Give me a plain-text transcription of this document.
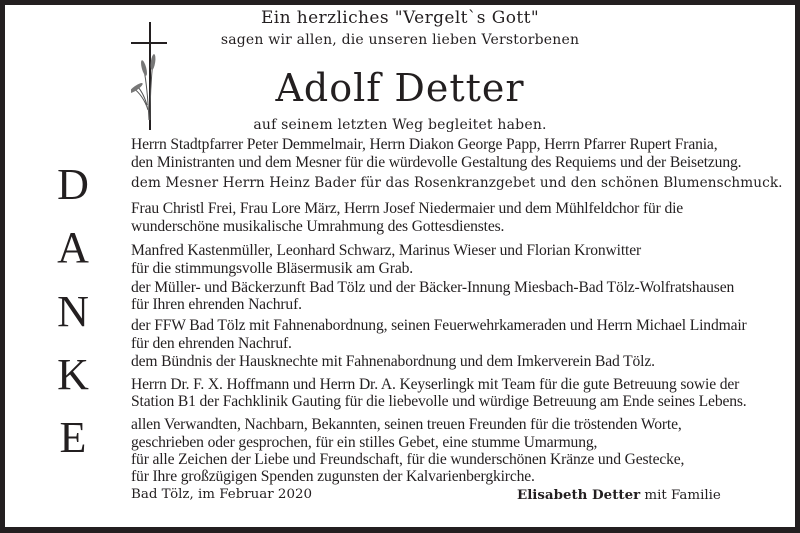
Ein herzliches "Vergelt`s Gott"
sagen wir allen, die unseren lieben Verstorbenen
Adolf Detter
auf seinem letzten Weg begleitet haben.
D
A
N
K
E
Herrn Stadtpfarrer Peter Demmelmair, Herrn Diakon George Papp, Herrn Pfarrer Rupert Frania,
den Ministranten und dem Mesner für die würdevolle Gestaltung des Requiems und der Beisetzung.
dem Mesner Herrn Heinz Bader für das Rosenkranzgebet und den schönen Blumenschmuck.
Frau Christl Frei, Frau Lore März, Herrn Josef Niedermaier und dem Mühlfeldchor für die
wunderschöne musikalische Umrahmung des Gottesdienstes.
Manfred Kastenmüller, Leonhard Schwarz, Marinus Wieser und Florian Kronwitter
für die stimmungsvolle Bläsermusik am Grab.
der Müller- und Bäckerzunft Bad Tölz und der Bäcker-Innung Miesbach-Bad Tölz-Wolfratshausen
für Ihren ehrenden Nachruf.
der FFW Bad Tölz mit Fahnenabordnung, seinen Feuerwehrkameraden und Herrn Michael Lindmair
für den ehrenden Nachruf.
dem Bündnis der Hausknechte mit Fahnenabordnung und dem Imkerverein Bad Tölz.
Herrn Dr. F. X. Hoffmann und Herrn Dr. A. Keyserlingk mit Team für die gute Betreuung sowie der
Station B1 der Fachklinik Gauting für die liebevolle und würdige Betreuung am Ende seines Lebens.
allen Verwandten, Nachbarn, Bekannten, seinen treuen Freunden für die tröstenden Worte,
geschrieben oder gesprochen, für ein stilles Gebet, eine stumme Umarmung,
für alle Zeichen der Liebe und Freundschaft, für die wunderschönen Kränze und Gestecke,
für Ihre großzügigen Spenden zugunsten der Kalvarienbergkirche.
Bad Tölz, im Februar 2020	Elisabeth Detter mit Familie
